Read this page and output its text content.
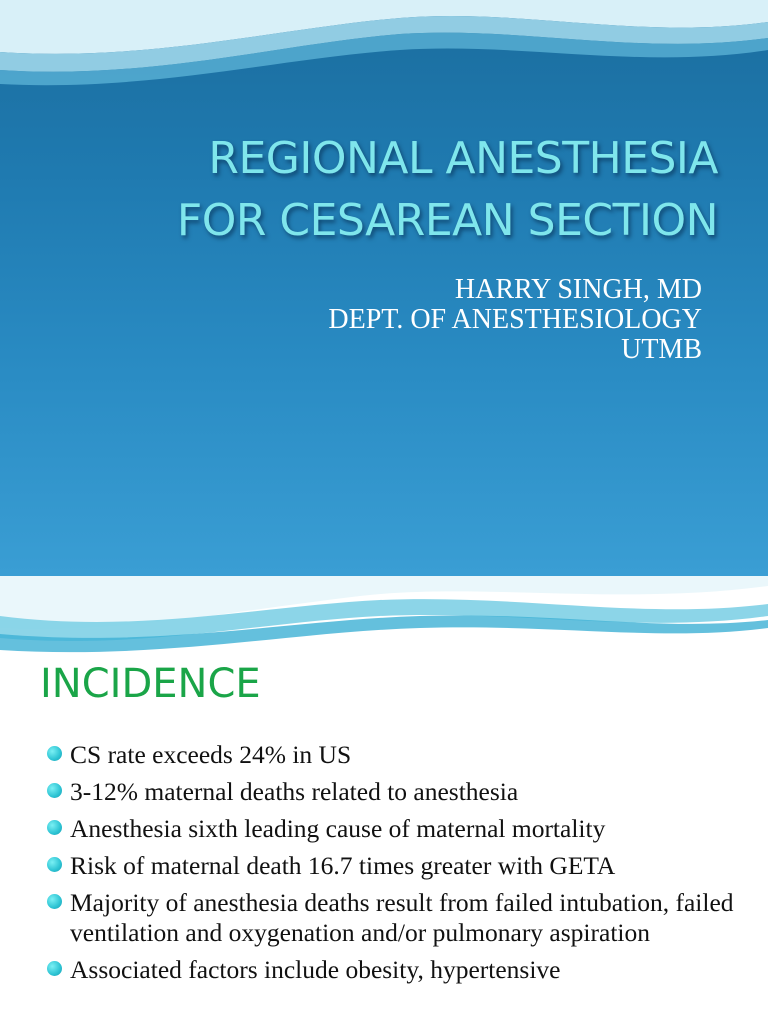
REGIONAL ANESTHESIA
FOR CESAREAN SECTION
HARRY SINGH, MD
DEPT. OF ANESTHESIOLOGY
UTMB
INCIDENCE
CS rate exceeds 24% in US
3-12% maternal deaths related to anesthesia
Anesthesia sixth leading cause of maternal mortality
Risk of maternal death 16.7 times greater with GETA
Majority of anesthesia deaths result from failed intubation, failed ventilation and oxygenation and/or pulmonary aspiration
Associated factors include obesity, hypertensive
